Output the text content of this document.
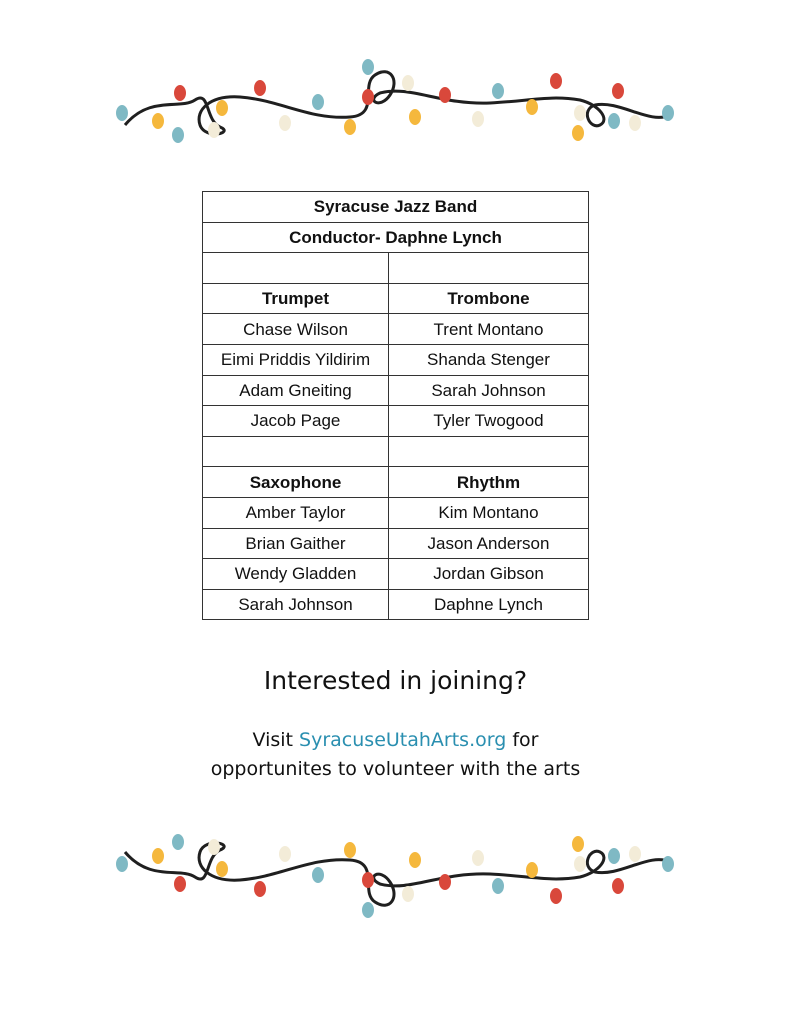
Syracuse Jazz Band	
Conductor- Daphne Lynch	

Trumpet	Trombone
Chase Wilson	Trent Montano
Eimi Priddis Yildirim	Shanda Stenger
Adam Gneiting	Sarah Johnson
Jacob Page	Tyler Twogood

Saxophone	Rhythm
Amber Taylor	Kim Montano
Brian Gaither	Jason Anderson
Wendy Gladden	Jordan Gibson
Sarah Johnson	Daphne Lynch
Interested in joining?
Visit SyracuseUtahArts.org for
opportunites to volunteer with the arts
